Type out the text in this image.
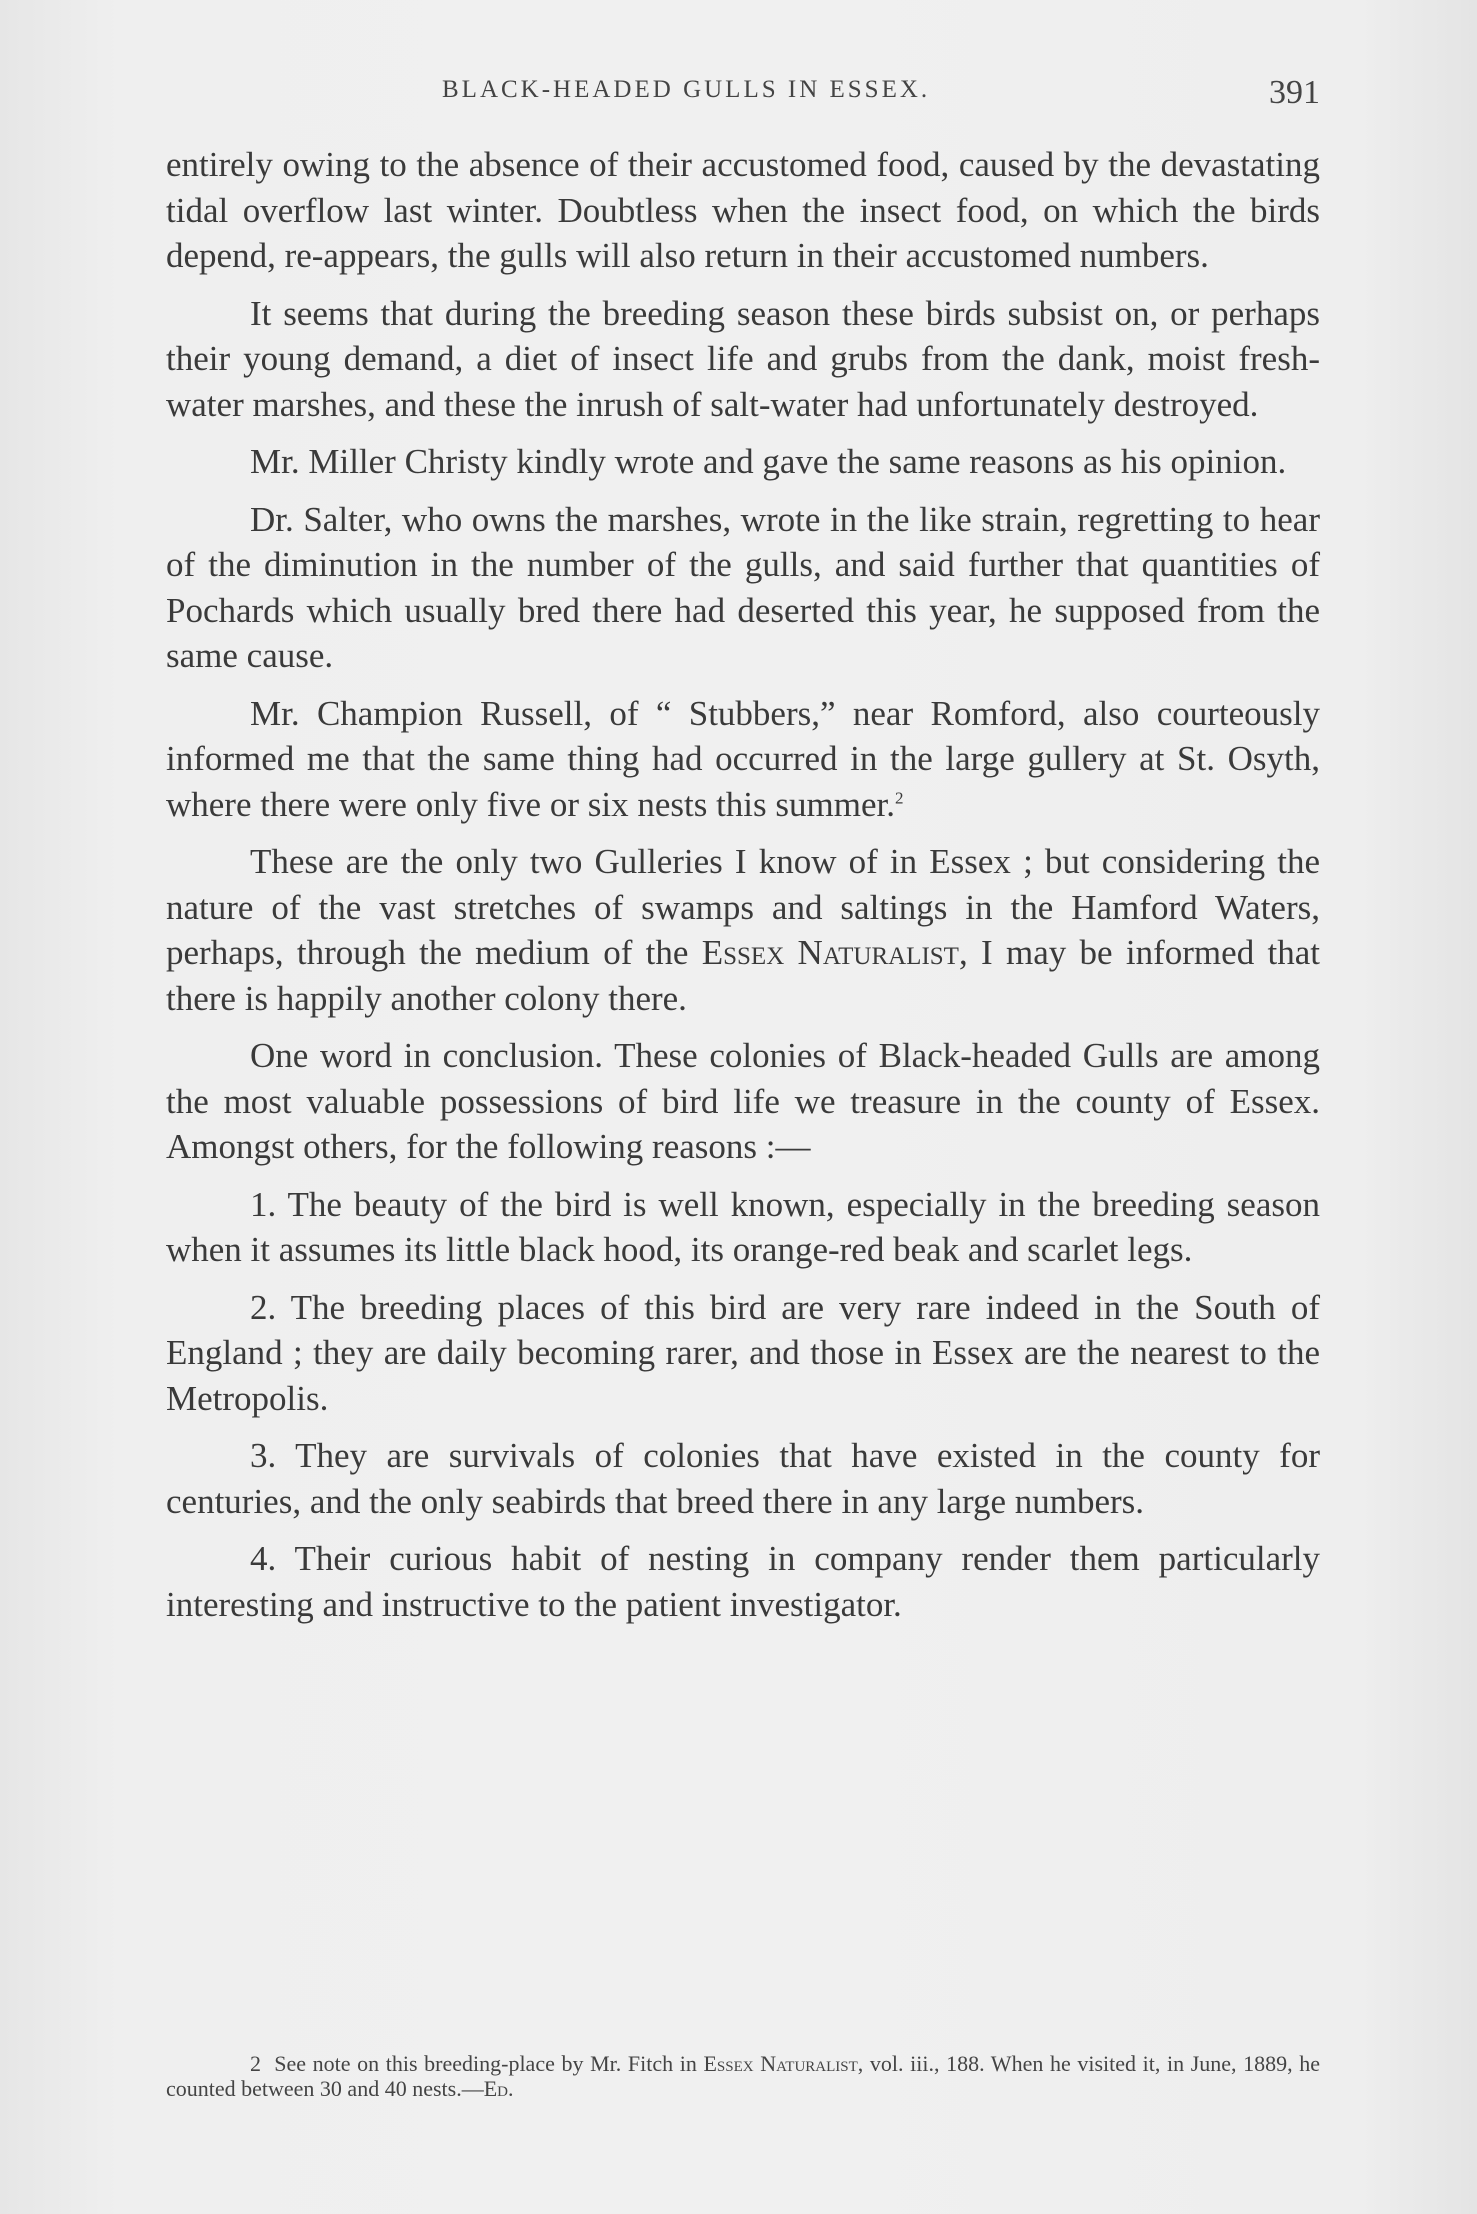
BLACK-HEADED GULLS IN ESSEX.	391

entirely owing to the absence of their accustomed food, caused by the devastating tidal overflow last winter. Doubtless when the insect food, on which the birds depend, re-appears, the gulls will also return in their accustomed numbers.

It seems that during the breeding season these birds subsist on, or perhaps their young demand, a diet of insect life and grubs from the dank, moist fresh-water marshes, and these the inrush of salt-water had unfortunately destroyed.

Mr. Miller Christy kindly wrote and gave the same reasons as his opinion.

Dr. Salter, who owns the marshes, wrote in the like strain, regretting to hear of the diminution in the number of the gulls, and said further that quantities of Pochards which usually bred there had deserted this year, he supposed from the same cause.

Mr. Champion Russell, of “ Stubbers,” near Romford, also courteously informed me that the same thing had occurred in the large gullery at St. Osyth, where there were only five or six nests this summer.$^2$

These are the only two Gulleries I know of in Essex ; but considering the nature of the vast stretches of swamps and saltings in the Hamford Waters, perhaps, through the medium of the Essex Naturalist, I may be informed that there is happily another colony there.

One word in conclusion. These colonies of Black-headed Gulls are among the most valuable possessions of bird life we treasure in the county of Essex. Amongst others, for the following reasons :—

1. The beauty of the bird is well known, especially in the breeding season when it assumes its little black hood, its orange-red beak and scarlet legs.

2. The breeding places of this bird are very rare indeed in the South of England ; they are daily becoming rarer, and those in Essex are the nearest to the Metropolis.

3. They are survivals of colonies that have existed in the county for centuries, and the only seabirds that breed there in any large numbers.

4. Their curious habit of nesting in company render them particularly interesting and instructive to the patient investigator.

2 See note on this breeding-place by Mr. Fitch in Essex Naturalist, vol. iii., 188. When he visited it, in June, 1889, he counted between 30 and 40 nests.—Ed.
